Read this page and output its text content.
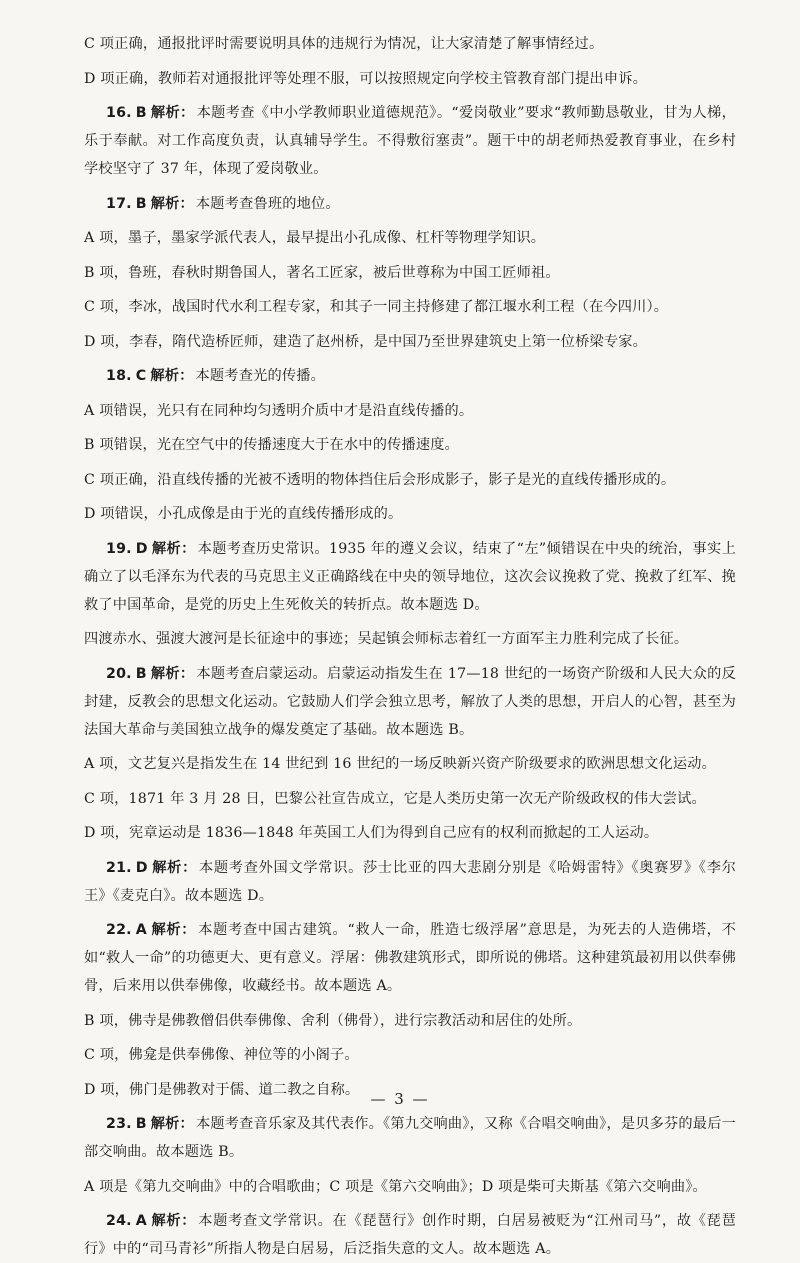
C 项正确，通报批评时需要说明具体的违规行为情况，让大家清楚了解事情经过。

D 项正确，教师若对通报批评等处理不服，可以按照规定向学校主管教育部门提出申诉。

16. B 解析： 本题考查《中小学教师职业道德规范》。“爱岗敬业”要求“教师勤恳敬业，甘为人梯，乐于奉献。对工作高度负责，认真辅导学生。不得敷衍塞责”。题干中的胡老师热爱教育事业，在乡村学校坚守了 37 年，体现了爱岗敬业。

17. B 解析： 本题考查鲁班的地位。

A 项，墨子，墨家学派代表人，最早提出小孔成像、杠杆等物理学知识。

B 项，鲁班，春秋时期鲁国人，著名工匠家，被后世尊称为中国工匠师祖。

C 项，李冰，战国时代水利工程专家，和其子一同主持修建了都江堰水利工程（在今四川）。

D 项，李春，隋代造桥匠师，建造了赵州桥，是中国乃至世界建筑史上第一位桥梁专家。

18. C 解析： 本题考查光的传播。

A 项错误，光只有在同种均匀透明介质中才是沿直线传播的。

B 项错误，光在空气中的传播速度大于在水中的传播速度。

C 项正确，沿直线传播的光被不透明的物体挡住后会形成影子，影子是光的直线传播形成的。

D 项错误，小孔成像是由于光的直线传播形成的。

19. D 解析： 本题考查历史常识。1935 年的遵义会议，结束了“左”倾错误在中央的统治，事实上确立了以毛泽东为代表的马克思主义正确路线在中央的领导地位，这次会议挽救了党、挽救了红军、挽救了中国革命，是党的历史上生死攸关的转折点。故本题选 D。

四渡赤水、强渡大渡河是长征途中的事迹；吴起镇会师标志着红一方面军主力胜利完成了长征。

20. B 解析： 本题考查启蒙运动。启蒙运动指发生在 17—18 世纪的一场资产阶级和人民大众的反封建，反教会的思想文化运动。它鼓励人们学会独立思考，解放了人类的思想，开启人的心智，甚至为法国大革命与美国独立战争的爆发奠定了基础。故本题选 B。

A 项，文艺复兴是指发生在 14 世纪到 16 世纪的一场反映新兴资产阶级要求的欧洲思想文化运动。

C 项，1871 年 3 月 28 日，巴黎公社宣告成立，它是人类历史第一次无产阶级政权的伟大尝试。

D 项，宪章运动是 1836—1848 年英国工人们为得到自己应有的权利而掀起的工人运动。

21. D 解析： 本题考查外国文学常识。莎士比亚的四大悲剧分别是《哈姆雷特》《奥赛罗》《李尔王》《麦克白》。故本题选 D。

22. A 解析： 本题考查中国古建筑。“救人一命，胜造七级浮屠”意思是，为死去的人造佛塔，不如“救人一命”的功德更大、更有意义。浮屠：佛教建筑形式，即所说的佛塔。这种建筑最初用以供奉佛骨，后来用以供奉佛像，收藏经书。故本题选 A。

B 项，佛寺是佛教僧侣供奉佛像、舍利（佛骨），进行宗教活动和居住的处所。

C 项，佛龛是供奉佛像、神位等的小阁子。

D 项，佛门是佛教对于儒、道二教之自称。

23. B 解析： 本题考查音乐家及其代表作。《第九交响曲》，又称《合唱交响曲》，是贝多芬的最后一部交响曲。故本题选 B。

A 项是《第九交响曲》中的合唱歌曲；C 项是《第六交响曲》；D 项是柴可夫斯基《第六交响曲》。

24. A 解析： 本题考查文学常识。在《琵琶行》创作时期，白居易被贬为“江州司马”，故《琵琶行》中的“司马青衫”所指人物是白居易，后泛指失意的文人。故本题选 A。

— 3 —
